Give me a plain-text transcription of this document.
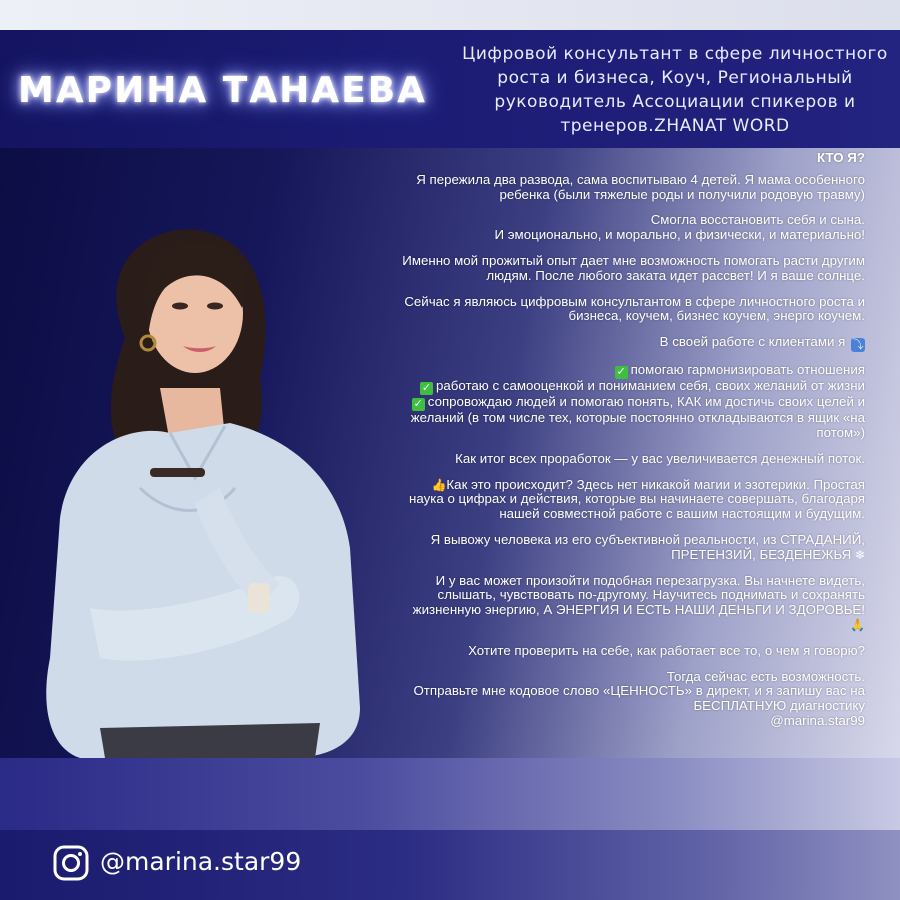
МАРИНА ТАНАЕВА
Цифровой консультант в сфере личностного роста и бизнеса, Коуч, Региональный руководитель Ассоциации спикеров и тренеров.ZHANAT WORD

КТО Я?

Я пережила два развода, сама воспитываю 4 детей. Я мама особенного ребенка (были тяжелые роды и получили родовую травму)

Смогла восстановить себя и сына.
И эмоционально, и морально, и физически, и материально!

Именно мой прожитый опыт дает мне возможность помогать расти другим людям. После любого заката идет рассвет! И я ваше солнце.

Сейчас я являюсь цифровым консультантом в сфере личностного роста и бизнеса, коучем, бизнес коучем, энерго коучем.

В своей работе с клиентами я ⤵

✓ помогаю гармонизировать отношения
✓ работаю с самооценкой и пониманием себя, своих желаний от жизни
✓ сопровождаю людей и помогаю понять, КАК им достичь своих целей и желаний (в том числе тех, которые постоянно откладываются в ящик «на потом»)

Как итог всех проработок — у вас увеличивается денежный поток.

👍Как это происходит? Здесь нет никакой магии и эзотерики. Простая наука о цифрах и действия, которые вы начинаете совершать, благодаря нашей совместной работе с вашим настоящим и будущим.

Я вывожу человека из его субъективной реальности, из СТРАДАНИЙ, ПРЕТЕНЗИЙ, БЕЗДЕНЕЖЬЯ ❄

И у вас может произойти подобная перезагрузка. Вы начнете видеть, слышать, чувствовать по-другому. Научитесь поднимать и сохранять жизненную энергию, А ЭНЕРГИЯ И ЕСТЬ НАШИ ДЕНЬГИ И ЗДОРОВЬЕ! 🙏

Хотите проверить на себе, как работает все то, о чем я говорю?

Тогда сейчас есть возможность.
Отправьте мне кодовое слово «ЦЕННОСТЬ» в директ, и я запишу вас на БЕСПЛАТНУЮ диагностику
@marina.star99

@marina.star99
